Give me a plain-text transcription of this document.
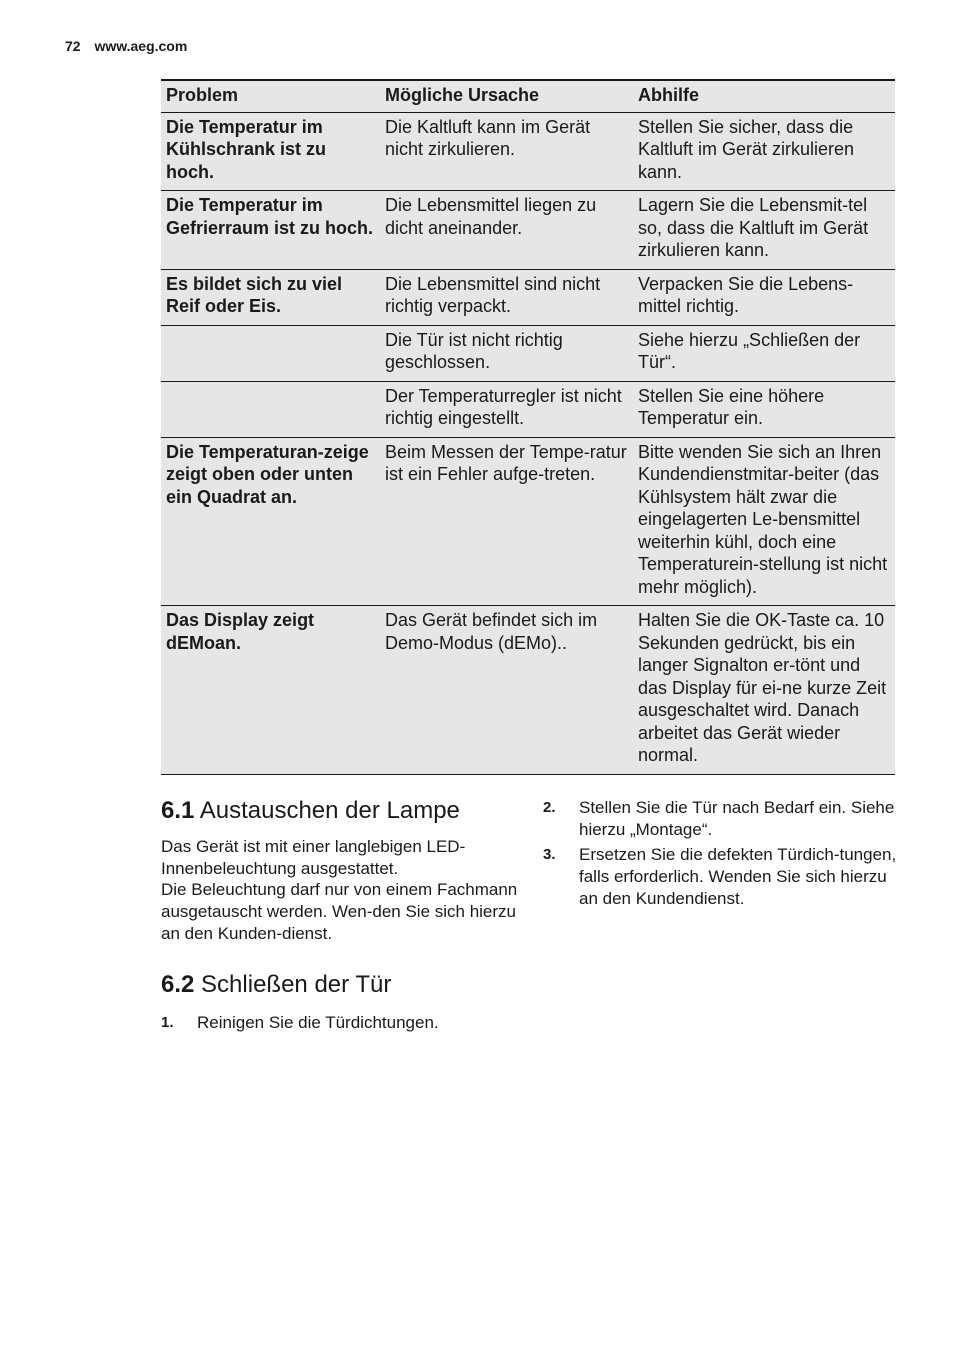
72 www.aeg.com
Problem	Mögliche Ursache	Abhilfe
Die Temperatur im Kühlschrank ist zu hoch.	Die Kaltluft kann im Gerät nicht zirkulieren.	Stellen Sie sicher, dass die Kaltluft im Gerät zirkulieren kann.
Die Temperatur im Gefrierraum ist zu hoch.	Die Lebensmittel liegen zu dicht aneinander.	Lagern Sie die Lebensmit-tel so, dass die Kaltluft im Gerät zirkulieren kann.
Es bildet sich zu viel Reif oder Eis.	Die Lebensmittel sind nicht richtig verpackt.	Verpacken Sie die Lebens-mittel richtig.
	Die Tür ist nicht richtig geschlossen.	Siehe hierzu „Schließen der Tür“.
	Der Temperaturregler ist nicht richtig eingestellt.	Stellen Sie eine höhere Temperatur ein.
Die Temperaturan-zeige zeigt oben oder unten ein Quadrat an.	Beim Messen der Tempe-ratur ist ein Fehler aufge-treten.	Bitte wenden Sie sich an Ihren Kundendienstmitar-beiter (das Kühlsystem hält zwar die eingelagerten Le-bensmittel weiterhin kühl, doch eine Temperaturein-stellung ist nicht mehr möglich).
Das Display zeigt dEMoan.	Das Gerät befindet sich im Demo-Modus (dEMo)..	Halten Sie die OK-Taste ca. 10 Sekunden gedrückt, bis ein langer Signalton er-tönt und das Display für ei-ne kurze Zeit ausgeschaltet wird. Danach arbeitet das Gerät wieder normal.
6.1 Austauschen der Lampe

Das Gerät ist mit einer langlebigen LED-Innenbeleuchtung ausgestattet.
Die Beleuchtung darf nur von einem Fachmann ausgetauscht werden. Wen-den Sie sich hierzu an den Kunden-dienst.

6.2 Schließen der Tür
1. Reinigen Sie die Türdichtungen.
2. Stellen Sie die Tür nach Bedarf ein. Siehe hierzu „Montage“.
3. Ersetzen Sie die defekten Türdich-tungen, falls erforderlich. Wenden Sie sich hierzu an den Kundendienst.
